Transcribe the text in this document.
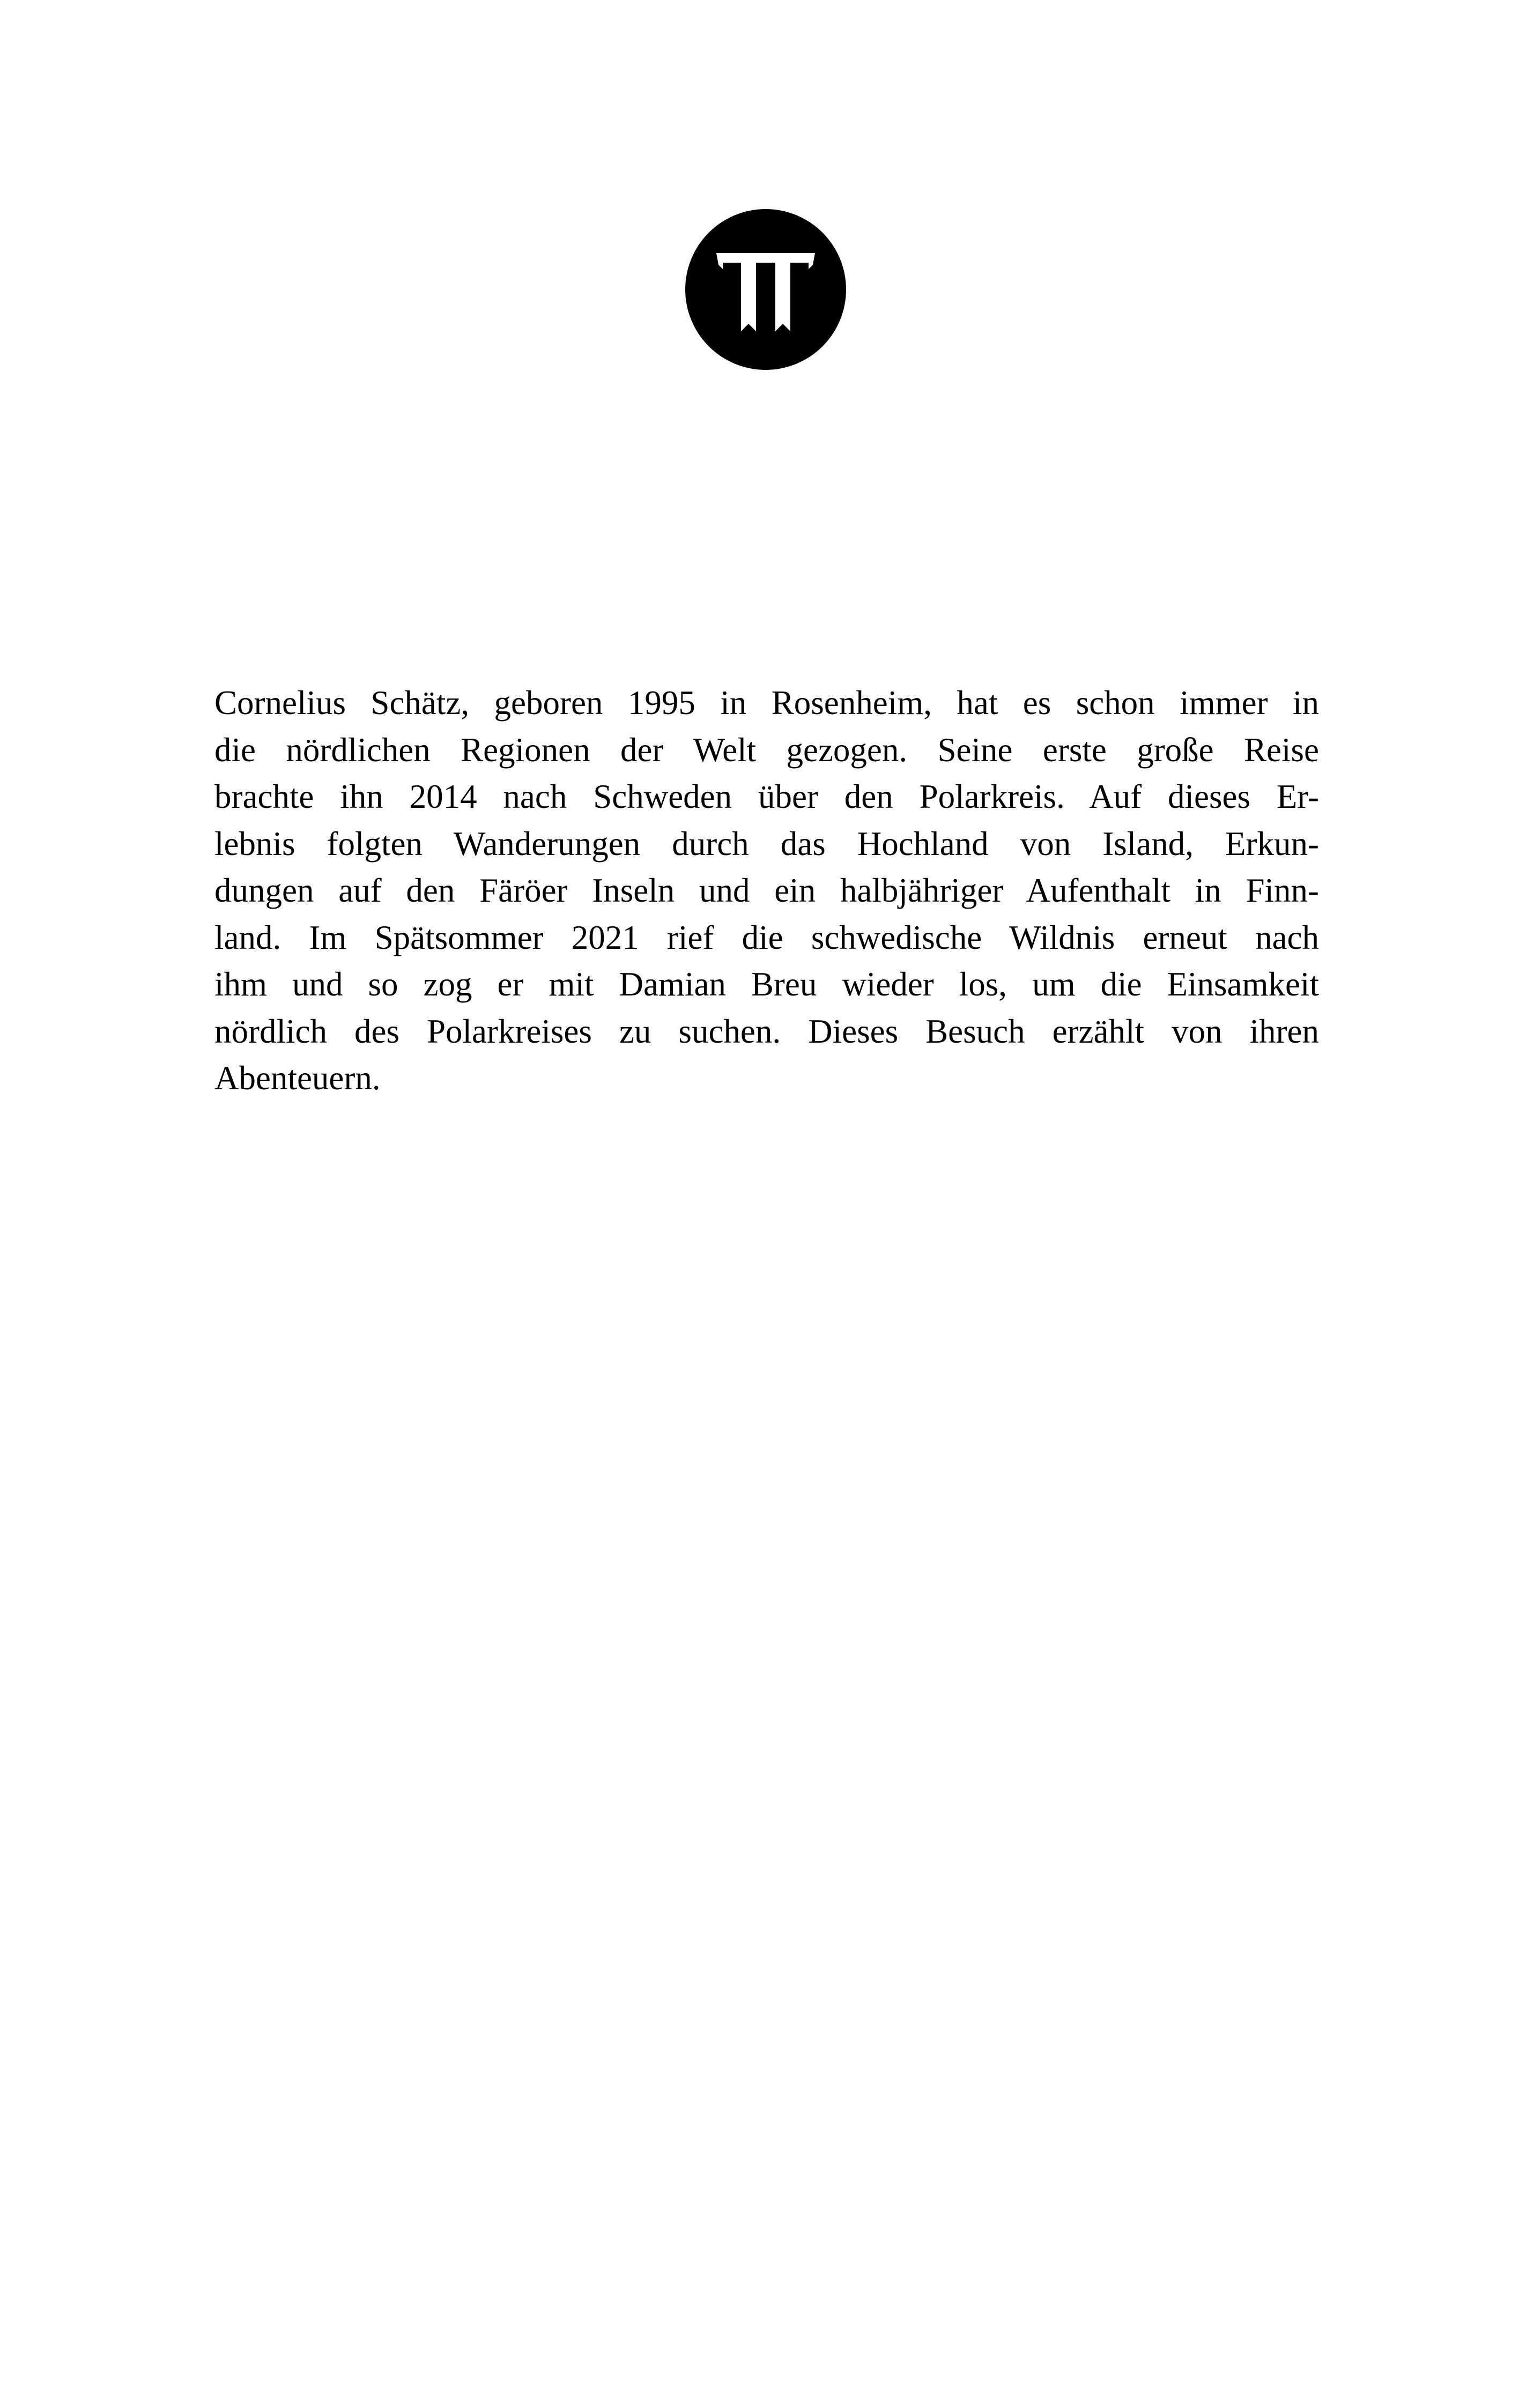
Cornelius Schätz, geboren 1995 in Rosenheim, hat es schon immer in
die nördlichen Regionen der Welt gezogen. Seine erste große Reise
brachte ihn 2014 nach Schweden über den Polarkreis. Auf dieses Er-
lebnis folgten Wanderungen durch das Hochland von Island, Erkun-
dungen auf den Färöer Inseln und ein halbjähriger Aufenthalt in Finn-
land. Im Spätsommer 2021 rief die schwedische Wildnis erneut nach
ihm und so zog er mit Damian Breu wieder los, um die Einsamkeit
nördlich des Polarkreises zu suchen. Dieses Besuch erzählt von ihren
Abenteuern.
